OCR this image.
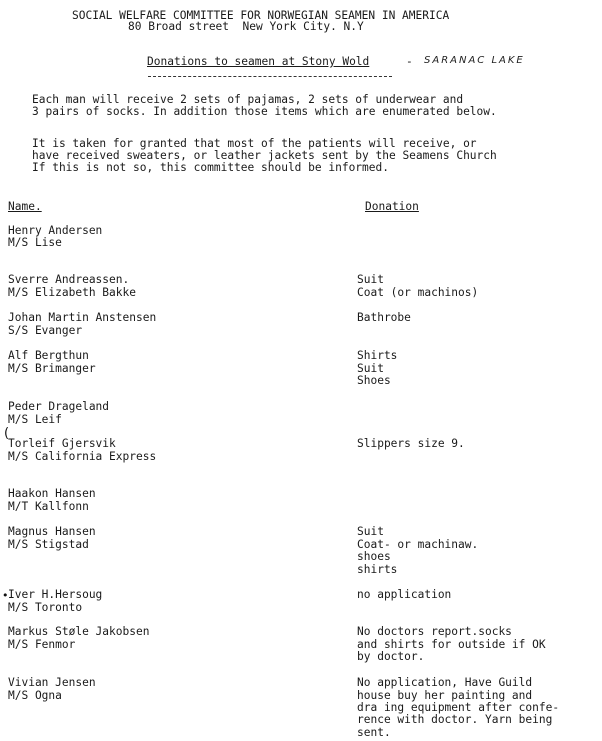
SOCIAL WELFARE COMMITTEE FOR NORWEGIAN SEAMEN IN AMERICA
80 Broad street  New York City. N.Y
Donations to seamen at Stony Wold	- SARANAC LAKE
Each man will receive 2 sets of pajamas, 2 sets of underwear and
3 pairs of socks. In addition those items which are enumerated below.
It is taken for granted that most of the patients will receive, or
have received sweaters, or leather jackets sent by the Seamens Church
If this is not so, this committee should be informed.
Name.	Donation
Henry Andersen
M/S Lise
Sverre Andreassen.
M/S Elizabeth Bakke
Suit
Coat (or machinos)
Johan Martin Anstensen
S/S Evanger
Bathrobe
Alf Bergthun
M/S Brimanger
Shirts
Suit
Shoes
Peder Drageland
M/S Leif
Torleif Gjersvik
M/S California Express
Slippers size 9.
(
Haakon Hansen
M/T Kallfonn
Magnus Hansen
M/S Stigstad
Suit
Coat- or machinaw.
shoes
shirts
Iver H.Hersoug
M/S Toronto
no application
•
Markus Støle Jakobsen
M/S Fenmor
No doctors report.socks
and shirts for outside if OK
by doctor.
Vivian Jensen
M/S Ogna
No application, Have Guild
house buy her painting and
dra ing equipment after confe-
rence with doctor. Yarn being
sent.
